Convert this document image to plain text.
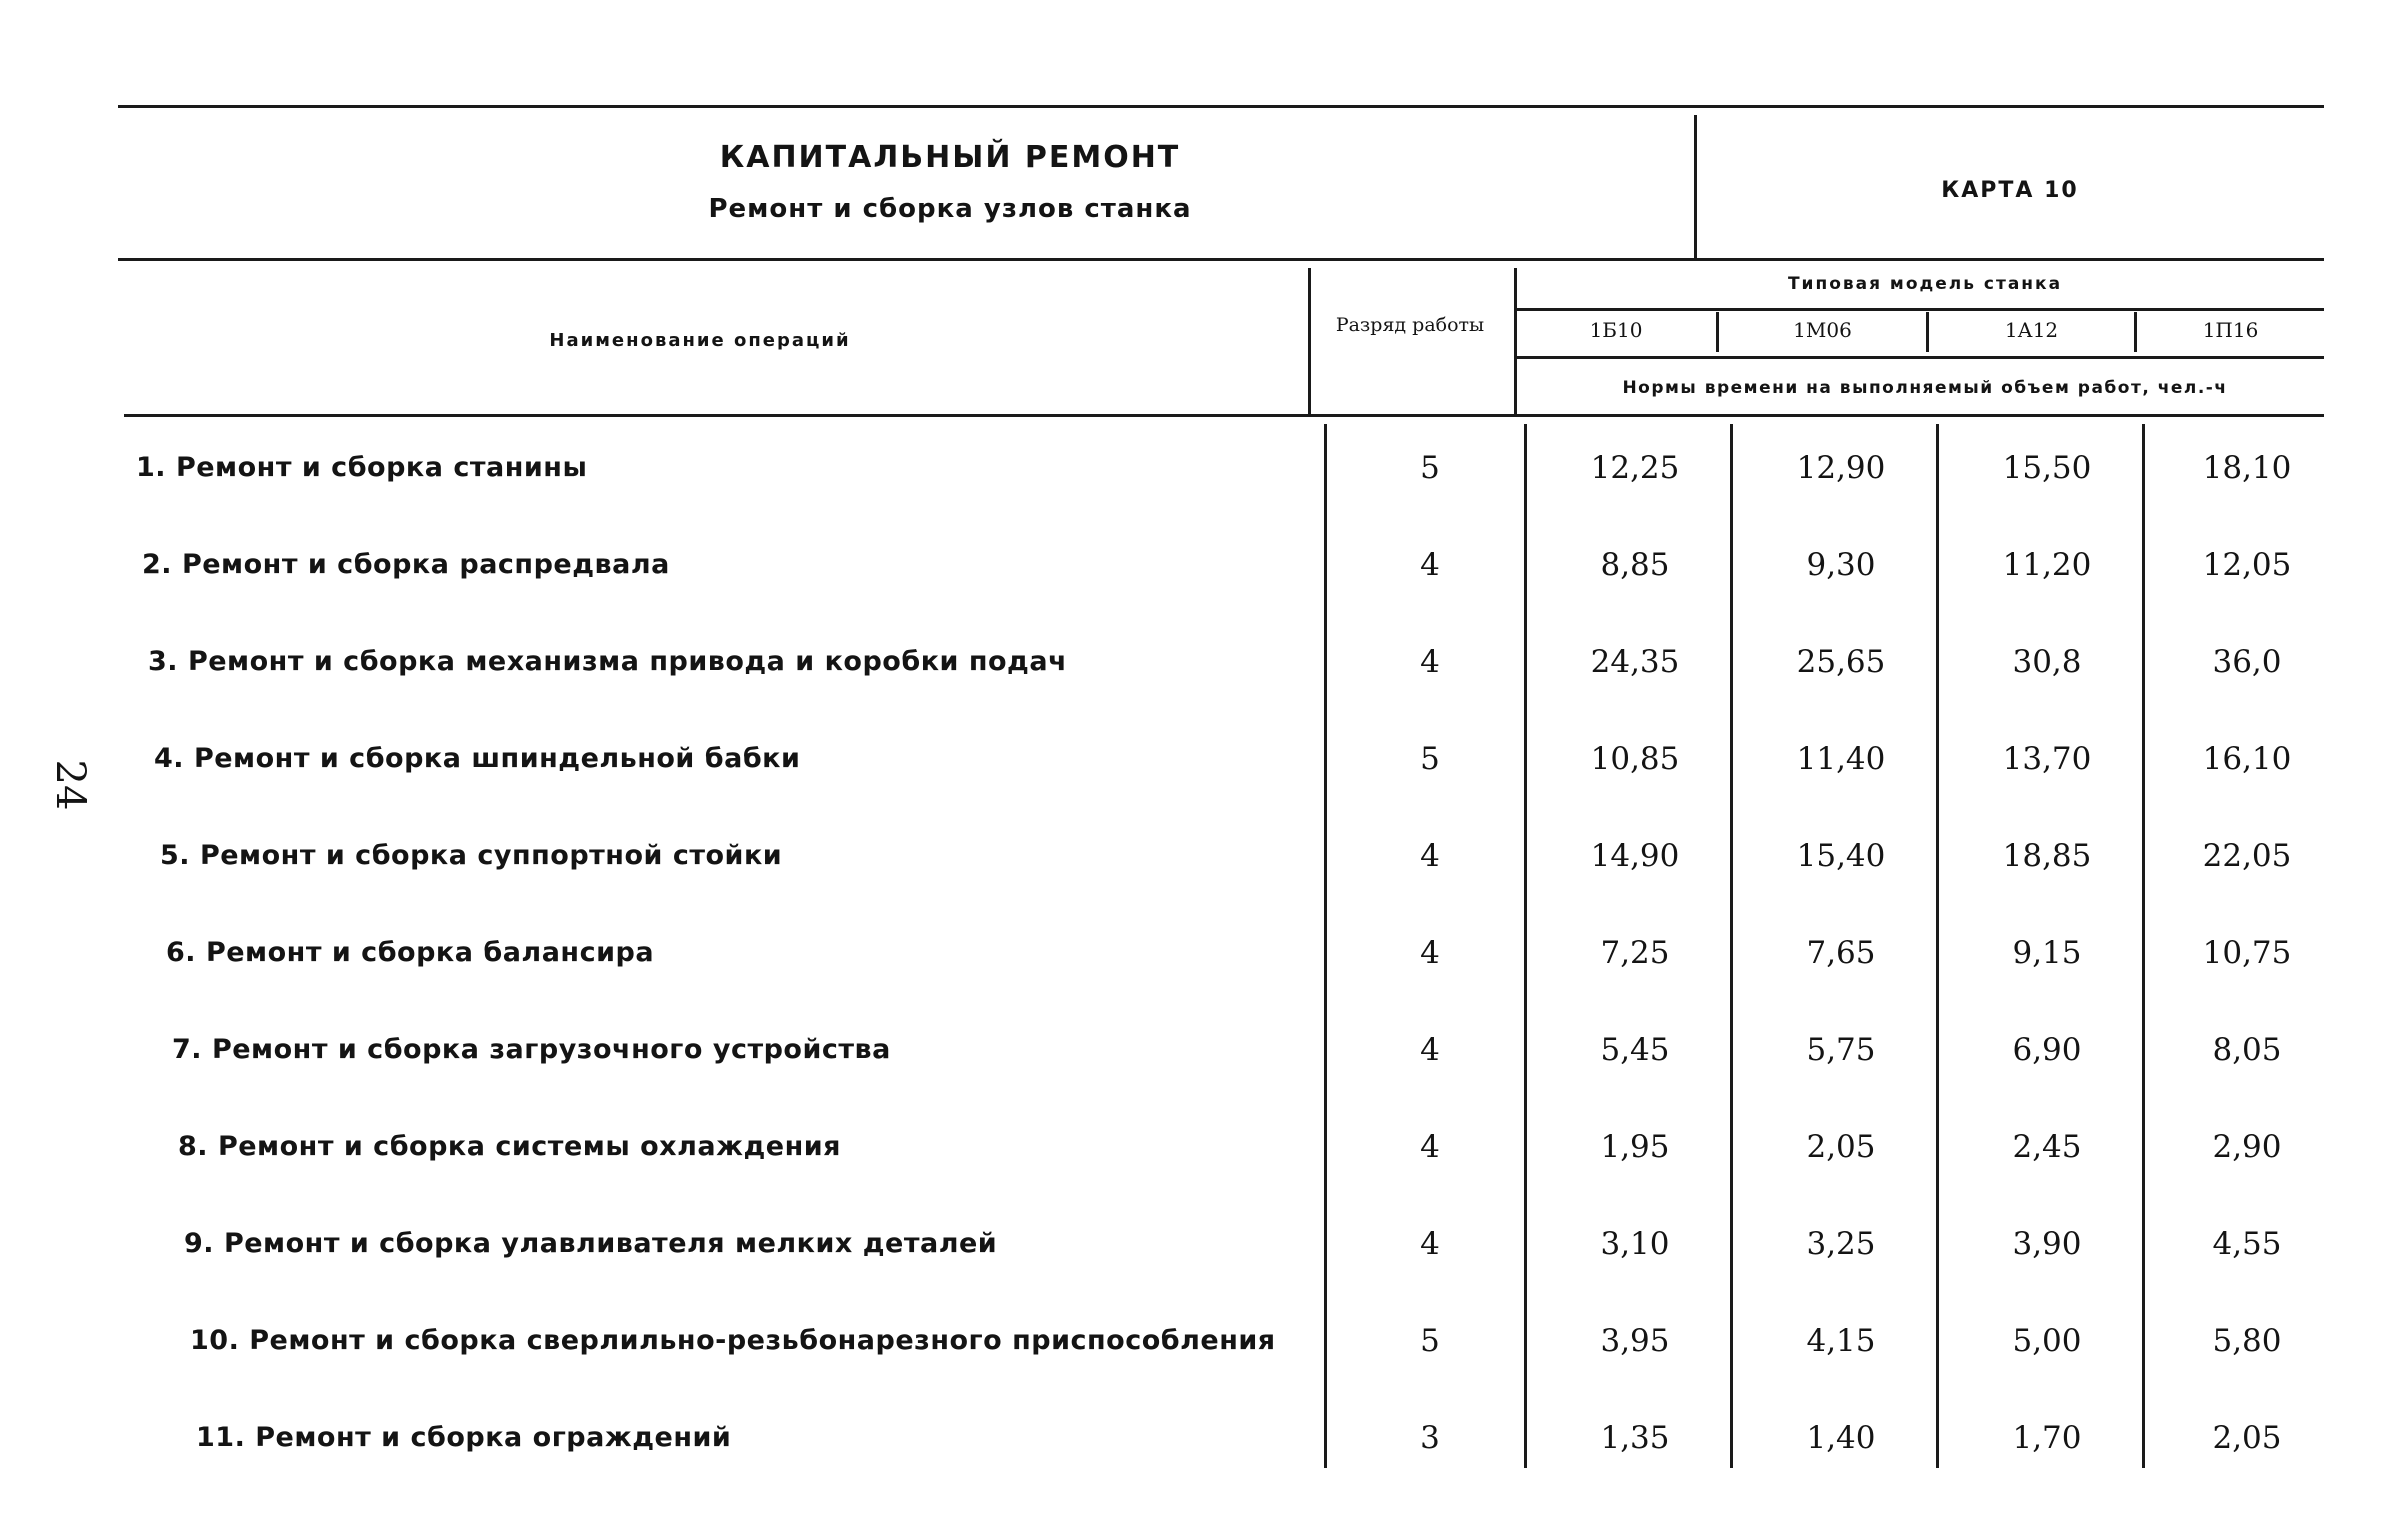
24
КАПИТАЛЬНЫЙ РЕМОНТ
Ремонт и сборка узлов станка
КАРТА 10
Наименование операций
Разряд работы
Типовая модель станка
1Б10	1М06	1А12	1П16
Нормы времени на выполняемый объем работ, чел.-ч
1. Ремонт и сборка станины	5	12,25	12,90	15,50	18,10
2. Ремонт и сборка распредвала	4	8,85	9,30	11,20	12,05
3. Ремонт и сборка механизма привода и коробки подач	4	24,35	25,65	30,8	36,0
4. Ремонт и сборка шпиндельной бабки	5	10,85	11,40	13,70	16,10
5. Ремонт и сборка суппортной стойки	4	14,90	15,40	18,85	22,05
6. Ремонт и сборка балансира	4	7,25	7,65	9,15	10,75
7. Ремонт и сборка загрузочного устройства	4	5,45	5,75	6,90	8,05
8. Ремонт и сборка системы охлаждения	4	1,95	2,05	2,45	2,90
9. Ремонт и сборка улавливателя мелких деталей	4	3,10	3,25	3,90	4,55
10. Ремонт и сборка сверлильно-резьбонарезного приспособления	5	3,95	4,15	5,00	5,80
11. Ремонт и сборка ограждений	3	1,35	1,40	1,70	2,05
